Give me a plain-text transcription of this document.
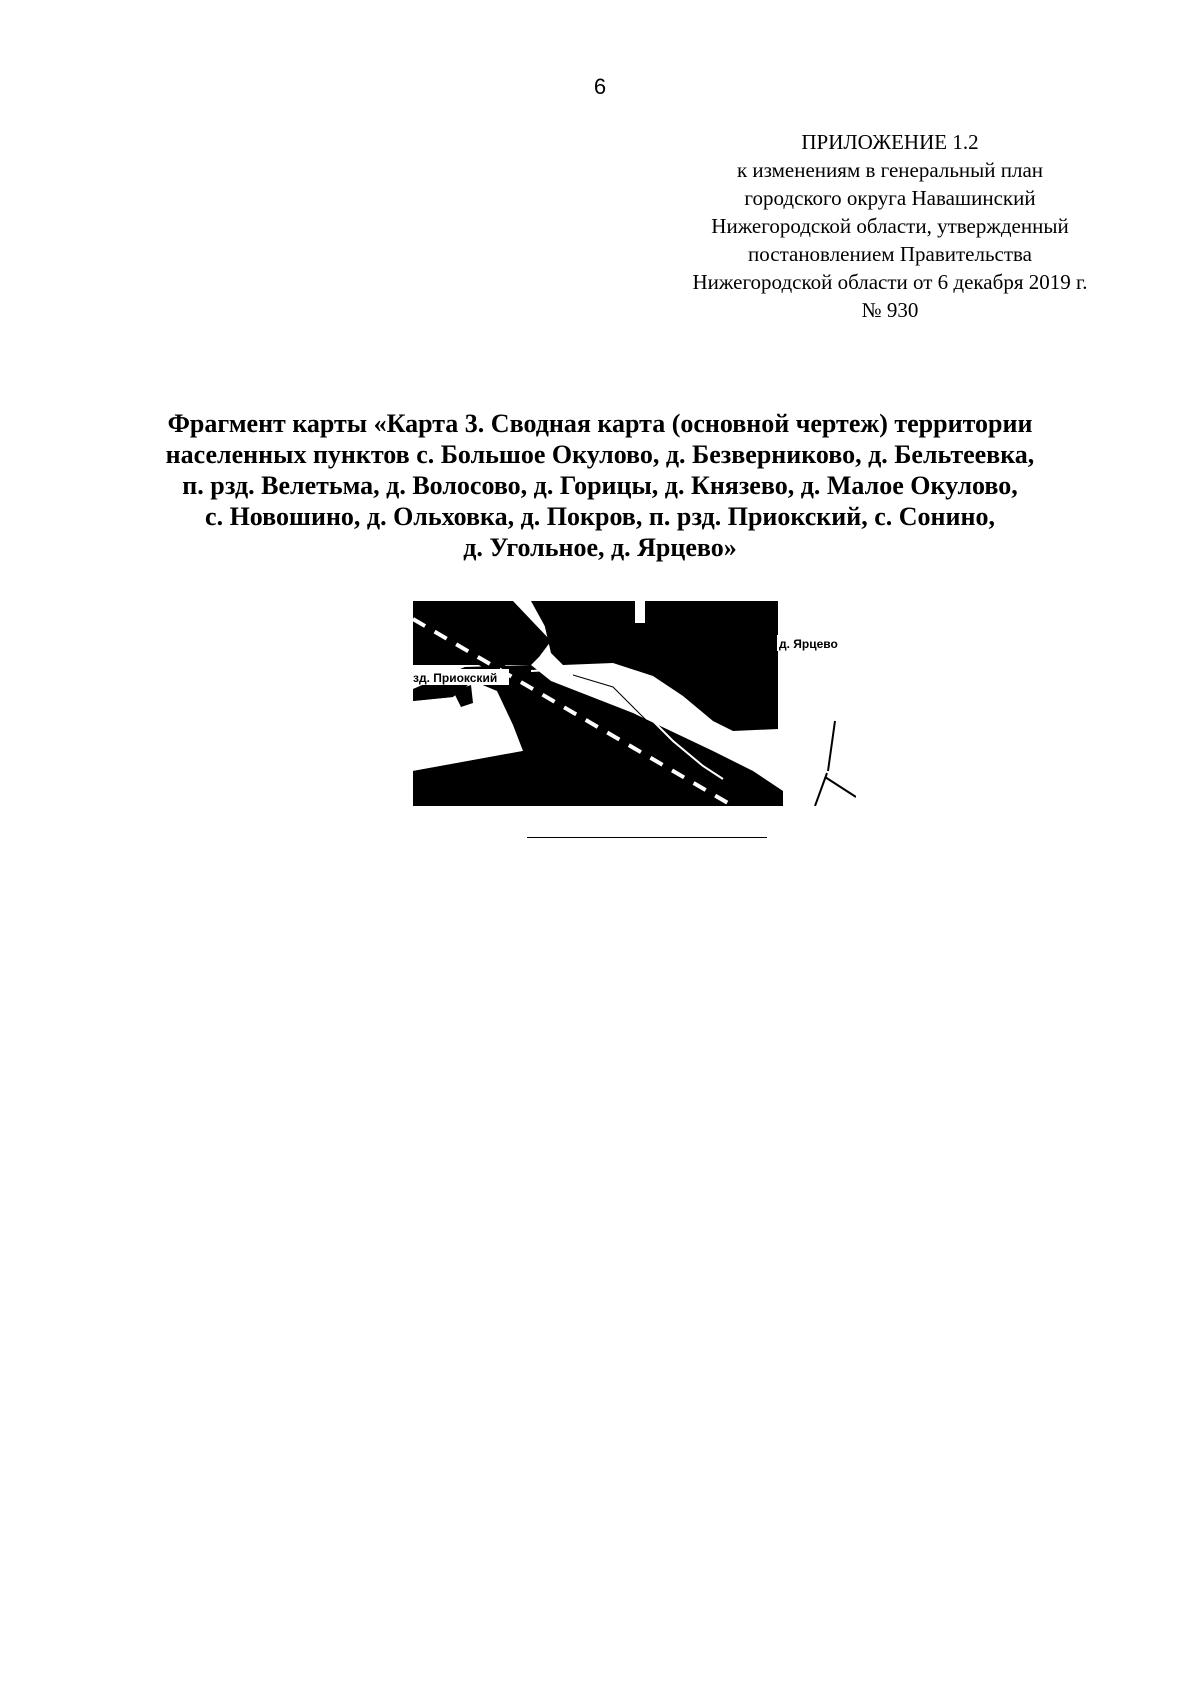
6
ПРИЛОЖЕНИЕ 1.2
к изменениям в генеральный план
городского округа Навашинский
Нижегородской области, утвержденный
постановлением Правительства
Нижегородской области от 6 декабря 2019 г.
№ 930
Фрагмент карты «Карта 3. Сводная карта (основной чертеж) территории
населенных пунктов с. Большое Окулово, д. Безверниково, д. Бельтеевка,
п. рзд. Велетьма, д. Волосово, д. Горицы, д. Князево, д. Малое Окулово,
с. Новошино, д. Ольховка, д. Покров, п. рзд. Приокский, с. Сонино,
д. Угольное, д. Ярцево»
д. Ярцево
зд. Приокский
